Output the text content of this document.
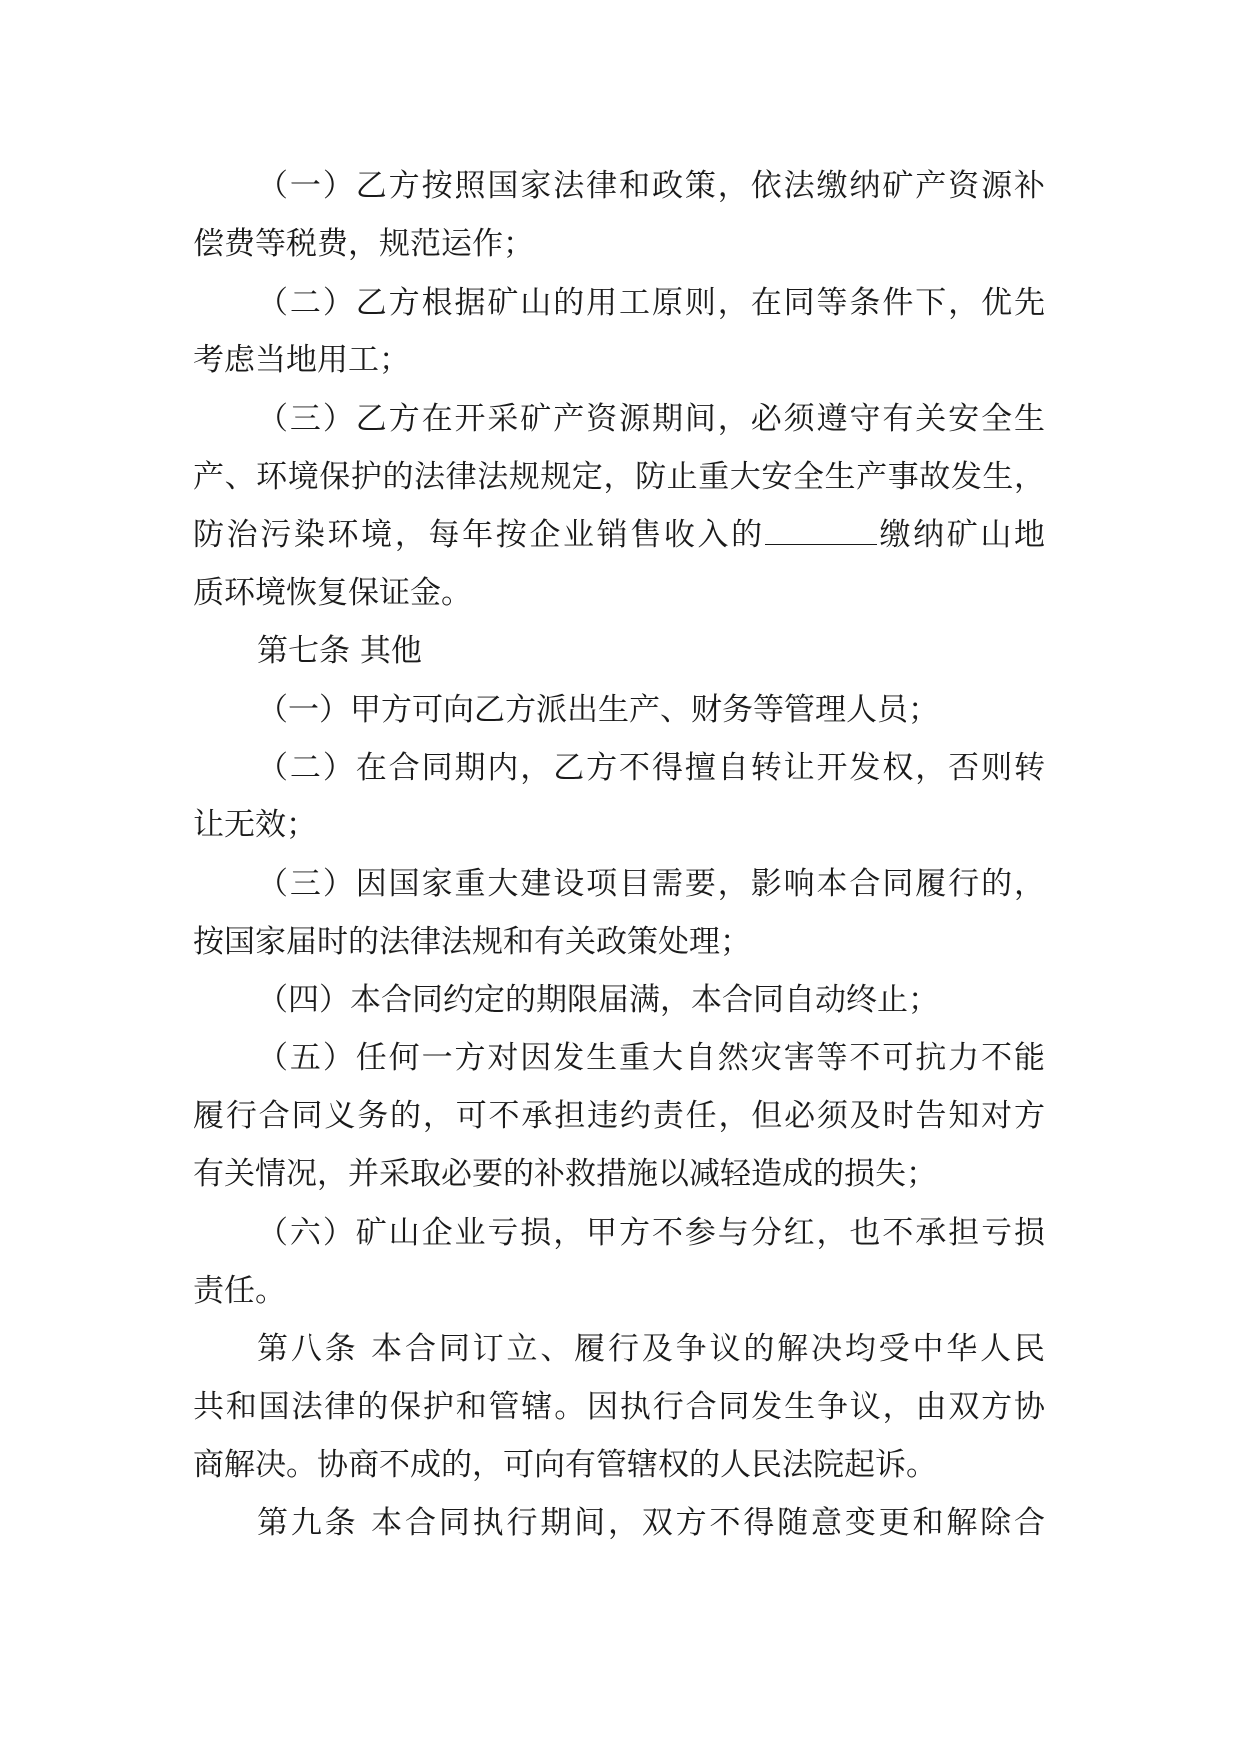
（一）乙方按照国家法律和政策，依法缴纳矿产资源补
偿费等税费，规范运作；
（二）乙方根据矿山的用工原则，在同等条件下，优先
考虑当地用工；
（三）乙方在开采矿产资源期间，必须遵守有关安全生
产、环境保护的法律法规规定，防止重大安全生产事故发生，
防治污染环境，每年按企业销售收入的	缴纳矿山地
质环境恢复保证金。
第七条 其他
（一）甲方可向乙方派出生产、财务等管理人员；
（二）在合同期内，乙方不得擅自转让开发权，否则转
让无效；
（三）因国家重大建设项目需要，影响本合同履行的，
按国家届时的法律法规和有关政策处理；
（四）本合同约定的期限届满，本合同自动终止；
（五）任何一方对因发生重大自然灾害等不可抗力不能
履行合同义务的，可不承担违约责任，但必须及时告知对方
有关情况，并采取必要的补救措施以减轻造成的损失；
（六）矿山企业亏损，甲方不参与分红，也不承担亏损
责任。
第八条 本合同订立、履行及争议的解决均受中华人民
共和国法律的保护和管辖。因执行合同发生争议，由双方协
商解决。协商不成的，可向有管辖权的人民法院起诉。
第九条 本合同执行期间，双方不得随意变更和解除合
